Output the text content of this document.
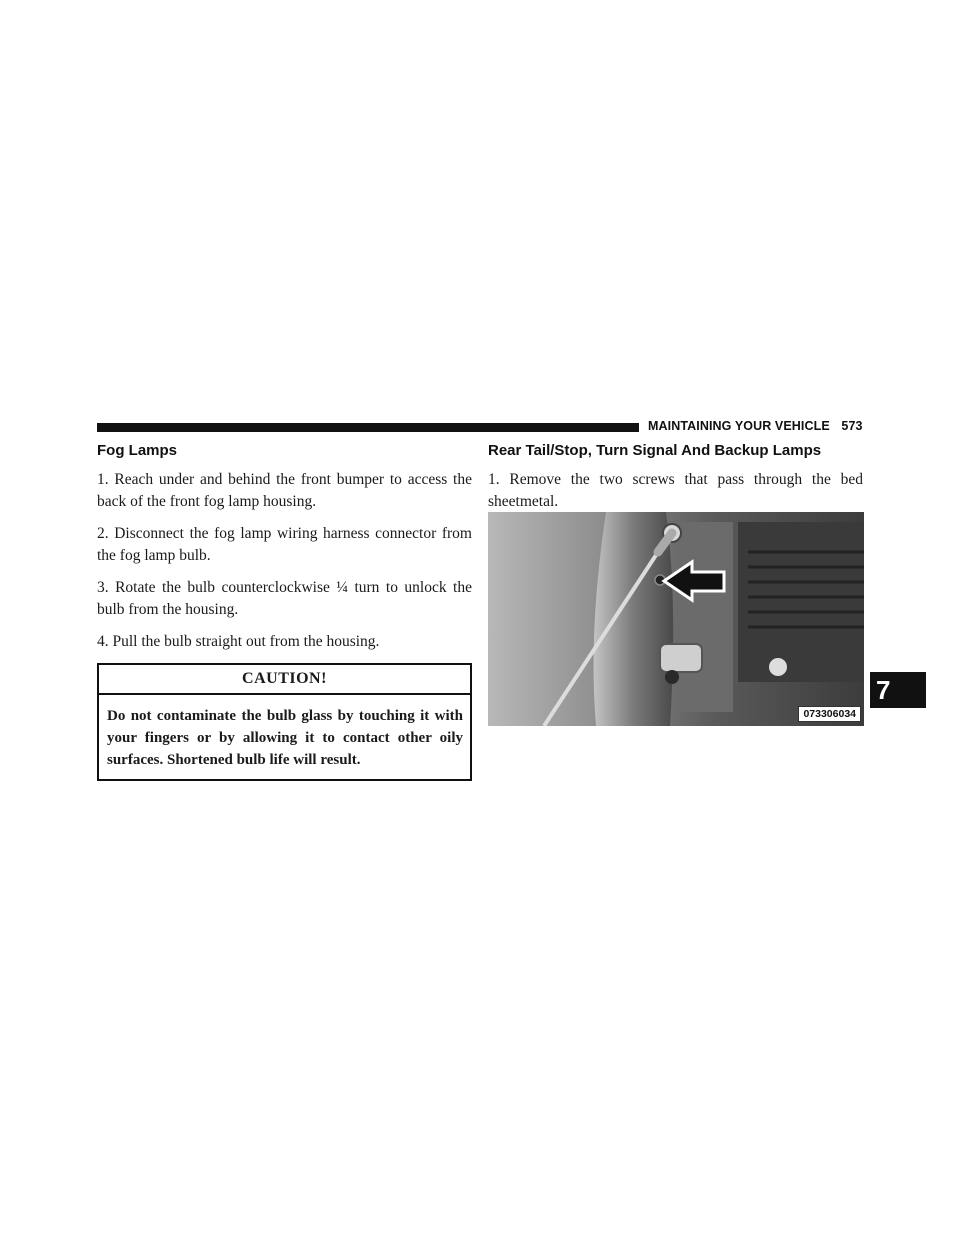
MAINTAINING YOUR VEHICLE 573
Fog Lamps

1. Reach under and behind the front bumper to access the back of the front fog lamp housing.

2. Disconnect the fog lamp wiring harness connector from the fog lamp bulb.

3. Rotate the bulb counterclockwise ¼ turn to unlock the bulb from the housing.

4. Pull the bulb straight out from the housing.

CAUTION!
Do not contaminate the bulb glass by touching it with your fingers or by allowing it to contact other oily surfaces. Shortened bulb life will result.
Rear Tail/Stop, Turn Signal And Backup Lamps

1. Remove the two screws that pass through the bed sheetmetal.

073306034
7
